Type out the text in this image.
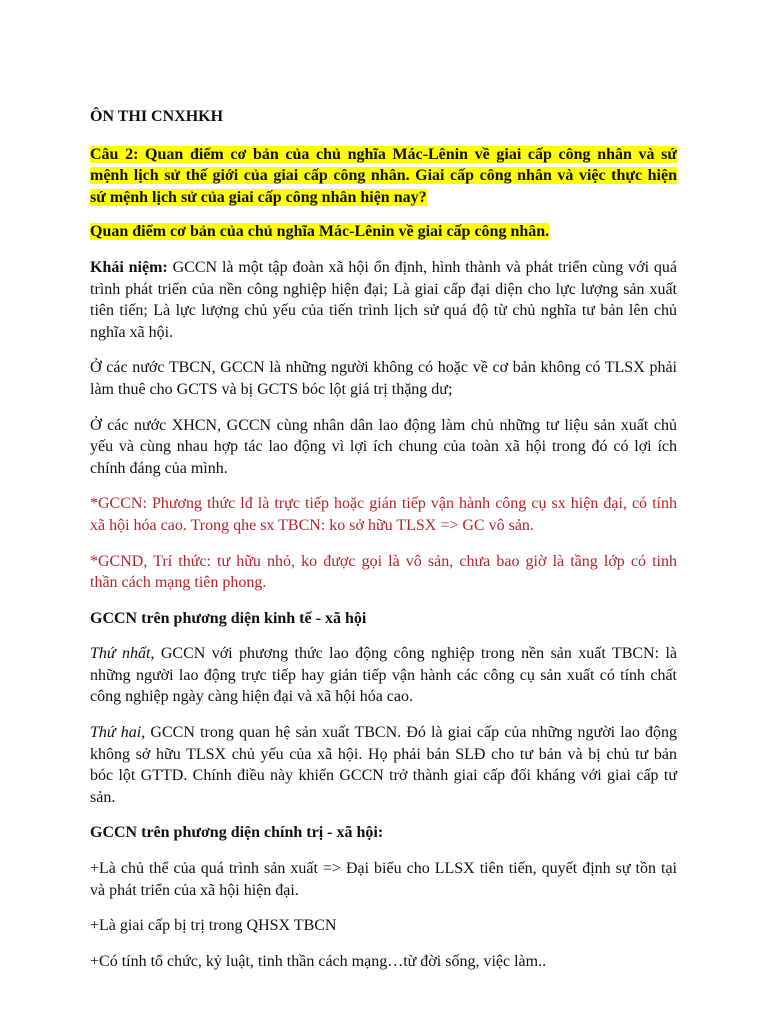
ÔN THI CNXHKH
Câu 2: Quan điểm cơ bản của chủ nghĩa Mác-Lênin về giai cấp công nhân và sứ
mệnh lịch sử thế giới của giai cấp công nhân. Giai cấp công nhân và việc thực hiện
sứ mệnh lịch sử của giai cấp công nhân hiện nay?
Quan điểm cơ bản của chủ nghĩa Mác-Lênin về giai cấp công nhân.
Khái niệm: GCCN là một tập đoàn xã hội ổn định, hình thành và phát triển cùng với quá
trình phát triển của nền công nghiệp hiện đại; Là giai cấp đại diện cho lực lượng sản xuất
tiên tiến; Là lực lượng chủ yếu của tiến trình lịch sử quá độ từ chủ nghĩa tư bản lên chủ
nghĩa xã hội.
Ở các nước TBCN, GCCN là những người không có hoặc về cơ bản không có TLSX phải
làm thuê cho GCTS và bị GCTS bóc lột giá trị thặng dư;
Ở các nước XHCN, GCCN cùng nhân dân lao động làm chủ những tư liệu sản xuất chủ
yếu và cùng nhau hợp tác lao động vì lợi ích chung của toàn xã hội trong đó có lợi ích
chính đáng của mình.
*GCCN: Phương thức lđ là trực tiếp hoặc gián tiếp vận hành công cụ sx hiện đại, có tính
xã hội hóa cao. Trong qhe sx TBCN: ko sở hữu TLSX => GC vô sản.
*GCND, Trí thức: tư hữu nhỏ, ko được gọi là vô sản, chưa bao giờ là tầng lớp có tinh
thần cách mạng tiên phong.
GCCN trên phương diện kinh tế - xã hội
Thứ nhất, GCCN với phương thức lao động công nghiệp trong nền sản xuất TBCN: là
những người lao động trực tiếp hay gián tiếp vận hành các công cụ sản xuất có tính chất
công nghiệp ngày càng hiện đại và xã hội hóa cao.
Thứ hai, GCCN trong quan hệ sản xuất TBCN. Đó là giai cấp của những người lao động
không sở hữu TLSX chủ yếu của xã hội. Họ phải bán SLĐ cho tư bản và bị chủ tư bản
bóc lột GTTD. Chính điều này khiến GCCN trở thành giai cấp đối kháng với giai cấp tư
sản.
GCCN trên phương diện chính trị - xã hội:
+Là chủ thể của quá trình sản xuất => Đại biểu cho LLSX tiên tiến, quyết định sự tồn tại
và phát triển của xã hội hiện đại.
+Là giai cấp bị trị trong QHSX TBCN
+Có tính tổ chức, kỷ luật, tinh thần cách mạng…từ đời sống, việc làm..
